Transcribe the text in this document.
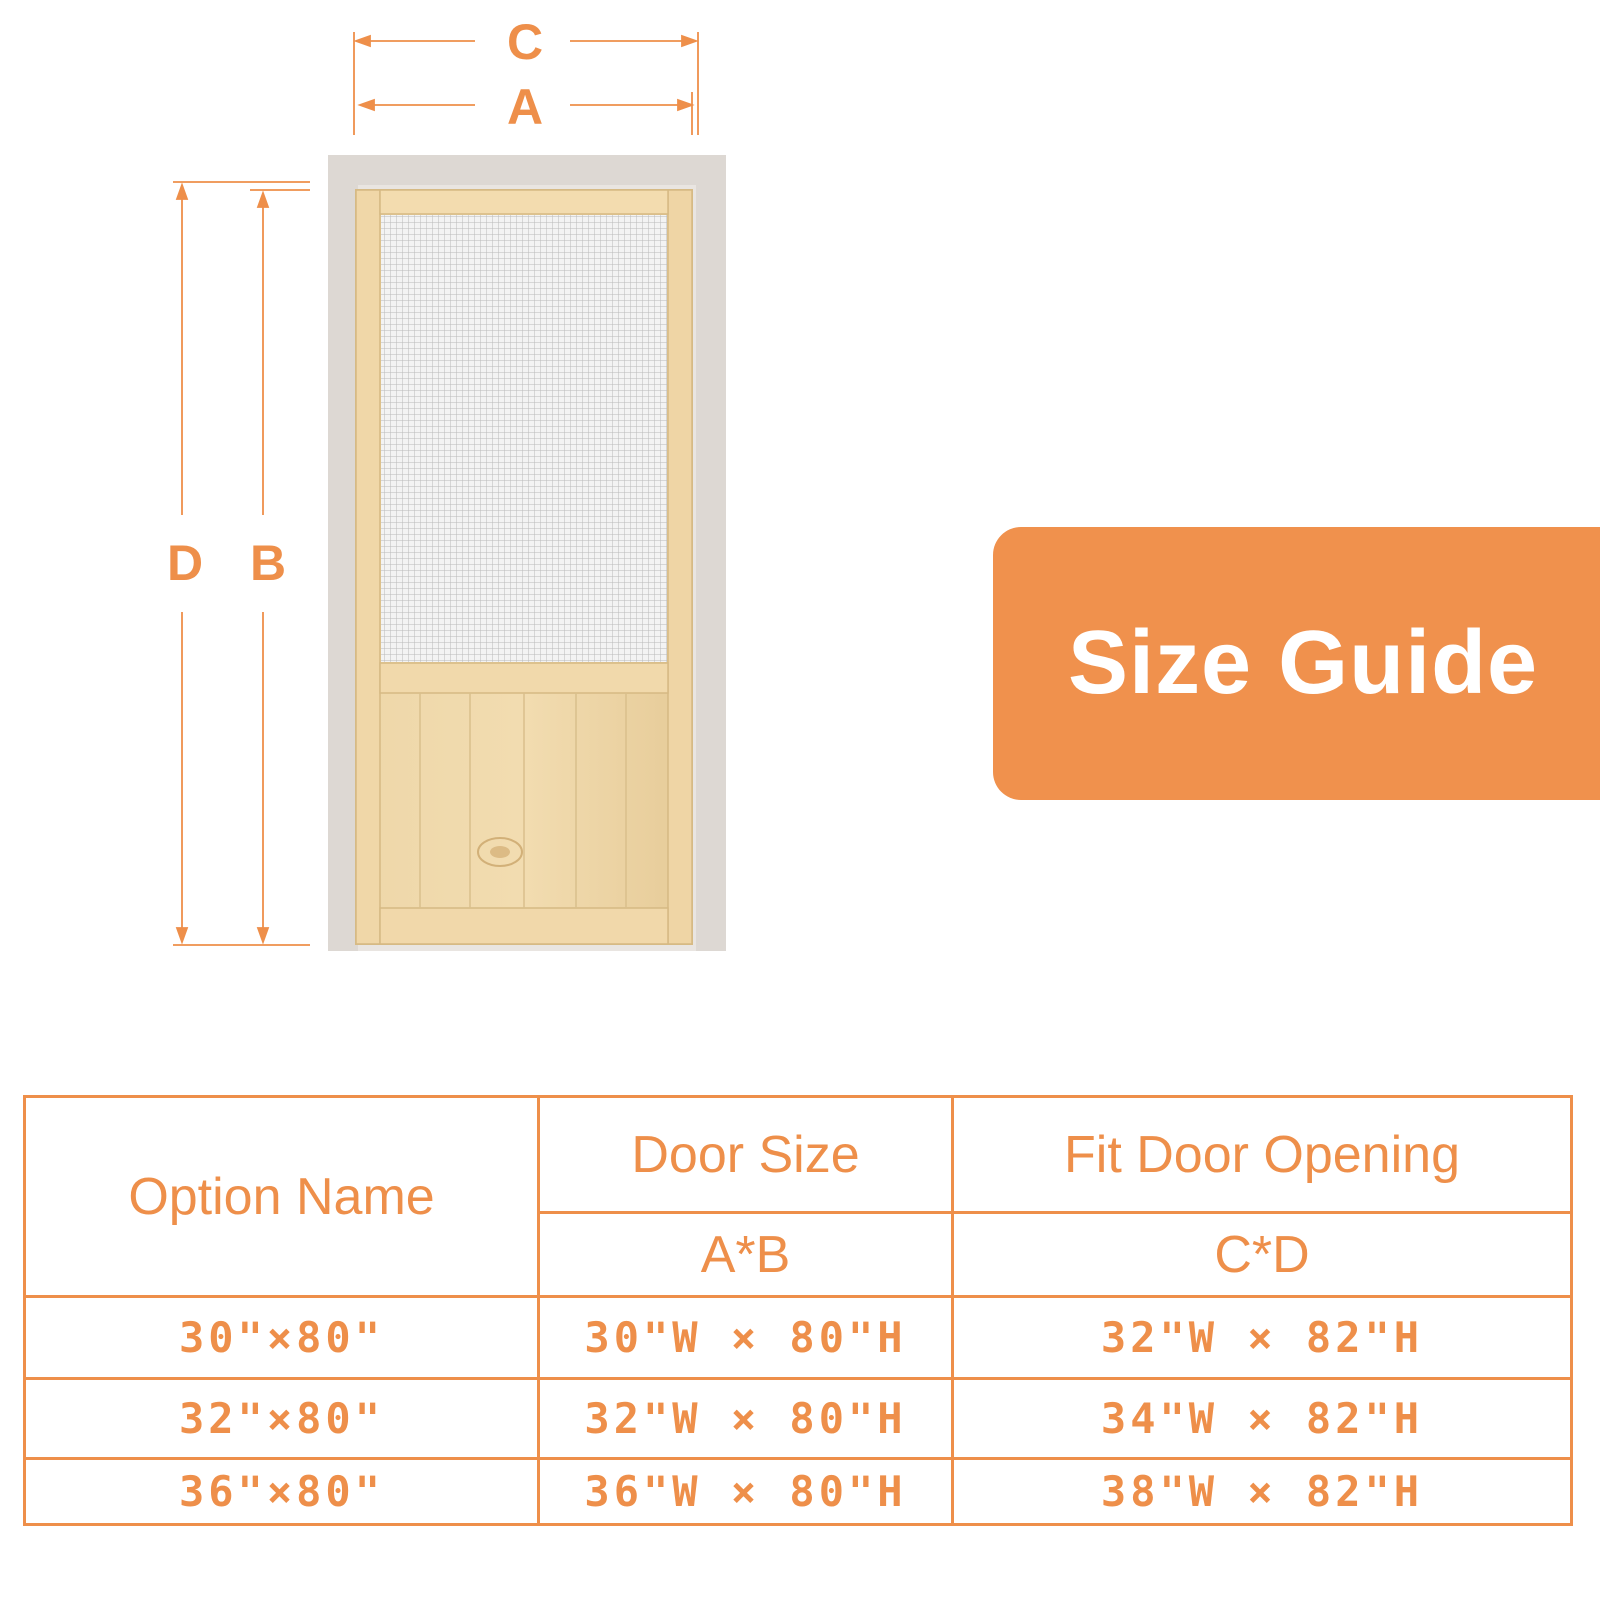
C
A
D B
Size Guide
Option Name	Door Size	Fit Door Opening
	A*B	C*D
30"×80"	30"W × 80"H	32"W × 82"H
32"×80"	32"W × 80"H	34"W × 82"H
36"×80"	36"W × 80"H	38"W × 82"H
